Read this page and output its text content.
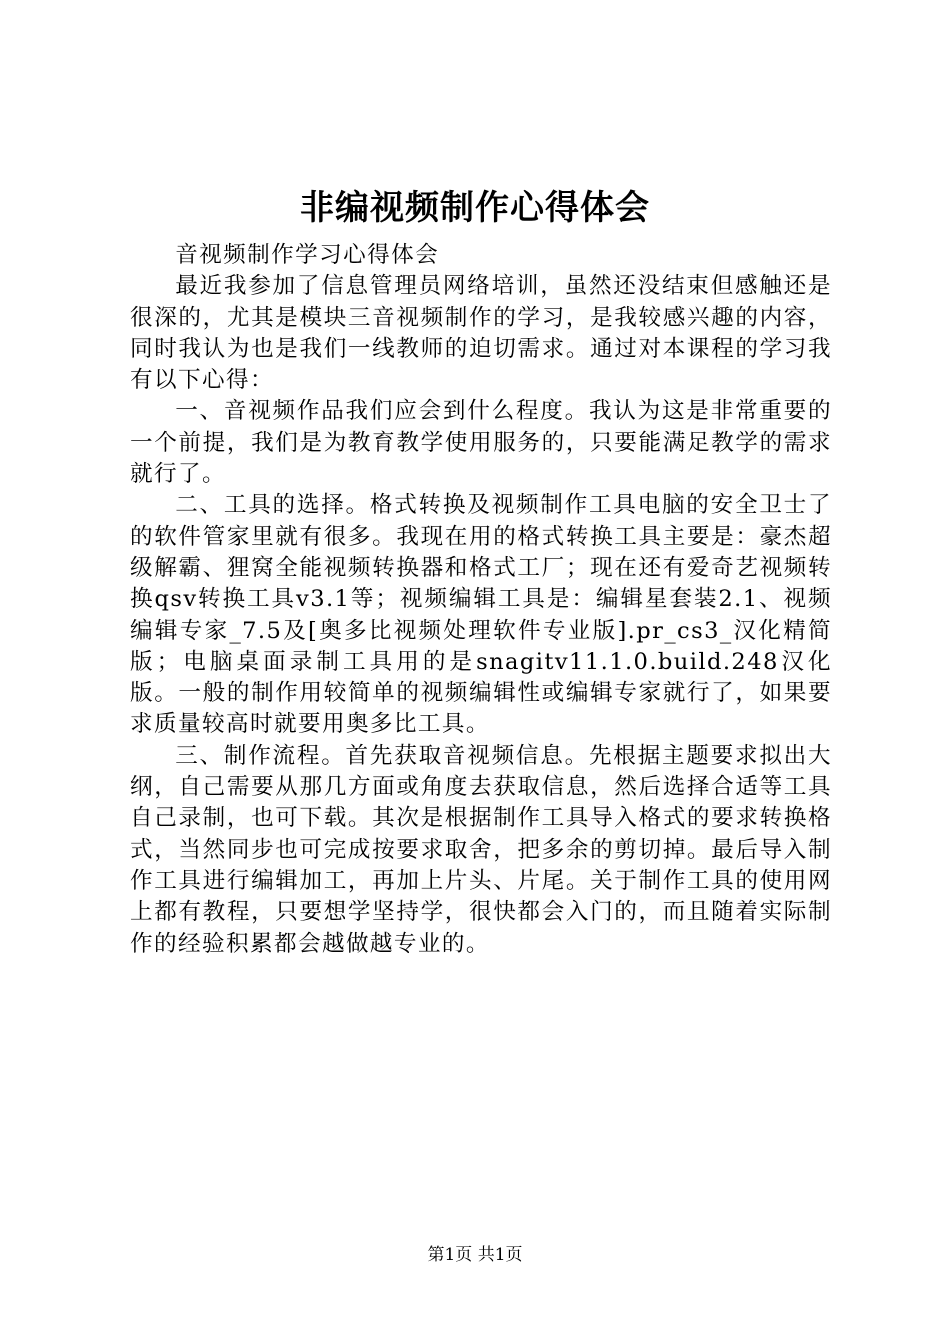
非编视频制作心得体会

音视频制作学习心得体会

最近我参加了信息管理员网络培训，虽然还没结束但感触还是很深的，尤其是模块三音视频制作的学习，是我较感兴趣的内容，同时我认为也是我们一线教师的迫切需求。通过对本课程的学习我有以下心得：

一、音视频作品我们应会到什么程度。我认为这是非常重要的一个前提，我们是为教育教学使用服务的，只要能满足教学的需求就行了。

二、工具的选择。格式转换及视频制作工具电脑的安全卫士了的软件管家里就有很多。我现在用的格式转换工具主要是：豪杰超级解霸、狸窝全能视频转换器和格式工厂；现在还有爱奇艺视频转换qsv转换工具v3.1等；视频编辑工具是：编辑星套装2.1、视频编辑专家_7.5及[奥多比视频处理软件专业版].pr_cs3_汉化精简版；电脑桌面录制工具用的是snagitv11.1.0.build.248汉化版。一般的制作用较简单的视频编辑性或编辑专家就行了，如果要求质量较高时就要用奥多比工具。

三、制作流程。首先获取音视频信息。先根据主题要求拟出大纲，自己需要从那几方面或角度去获取信息，然后选择合适等工具自己录制，也可下载。其次是根据制作工具导入格式的要求转换格式，当然同步也可完成按要求取舍，把多余的剪切掉。最后导入制作工具进行编辑加工，再加上片头、片尾。关于制作工具的使用网上都有教程，只要想学坚持学，很快都会入门的，而且随着实际制作的经验积累都会越做越专业的。

第1页 共1页
